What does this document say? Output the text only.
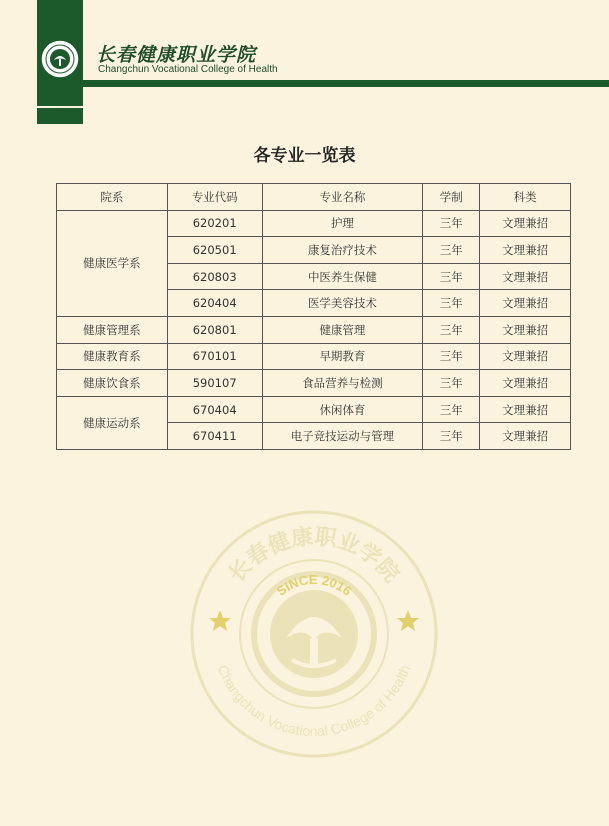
长春健康职业学院
Changchun Vocational College of Health
各专业一览表
院系	专业代码	专业名称	学制	科类
健康医学系	620201	护理	三年	文理兼招
	620501	康复治疗技术	三年	文理兼招
	620803	中医养生保健	三年	文理兼招
	620404	医学美容技术	三年	文理兼招
健康管理系	620801	健康管理	三年	文理兼招
健康教育系	670101	早期教育	三年	文理兼招
健康饮食系	590107	食品营养与检测	三年	文理兼招
健康运动系	670404	休闲体育	三年	文理兼招
	670411	电子竞技运动与管理	三年	文理兼招
长春健康职业学院
SINCE 2016
Changchun Vocational College of Health
